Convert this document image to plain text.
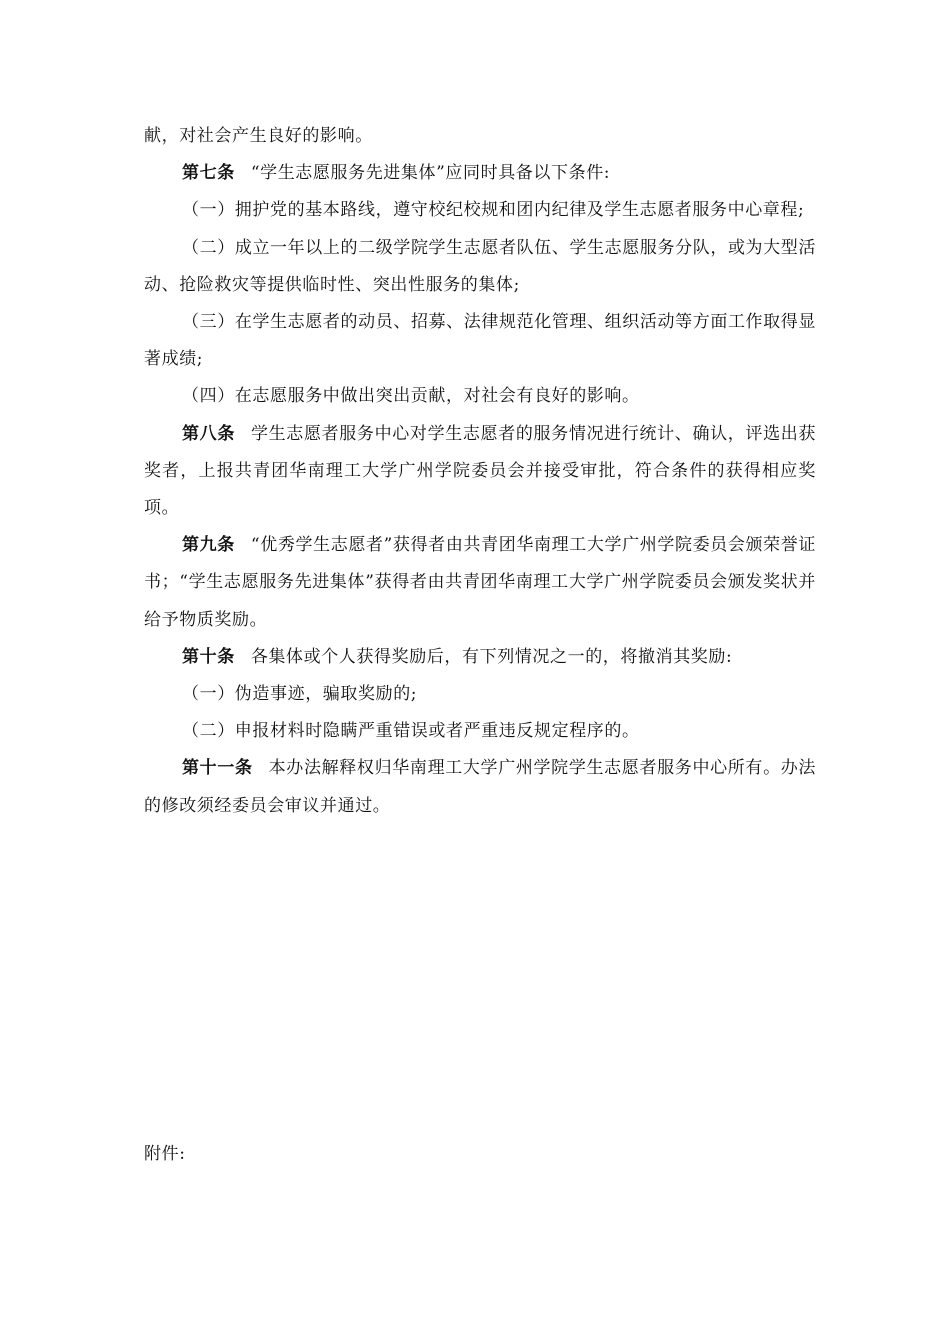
献，对社会产生良好的影响。

第七条 “学生志愿服务先进集体”应同时具备以下条件:

（一）拥护党的基本路线，遵守校纪校规和团内纪律及学生志愿者服务中心章程;

（二）成立一年以上的二级学院学生志愿者队伍、学生志愿服务分队，或为大型活动、抢险救灾等提供临时性、突出性服务的集体;

（三）在学生志愿者的动员、招募、法律规范化管理、组织活动等方面工作取得显著成绩;

（四）在志愿服务中做出突出贡献，对社会有良好的影响。

第八条 学生志愿者服务中心对学生志愿者的服务情况进行统计、确认，评选出获奖者，上报共青团华南理工大学广州学院委员会并接受审批，符合条件的获得相应奖项。

第九条 “优秀学生志愿者”获得者由共青团华南理工大学广州学院委员会颁荣誉证书；“学生志愿服务先进集体”获得者由共青团华南理工大学广州学院委员会颁发奖状并给予物质奖励。

第十条 各集体或个人获得奖励后，有下列情况之一的，将撤消其奖励:

（一）伪造事迹，骗取奖励的;

（二）申报材料时隐瞒严重错误或者严重违反规定程序的。

第十一条 本办法解释权归华南理工大学广州学院学生志愿者服务中心所有。办法的修改须经委员会审议并通过。

附件:
